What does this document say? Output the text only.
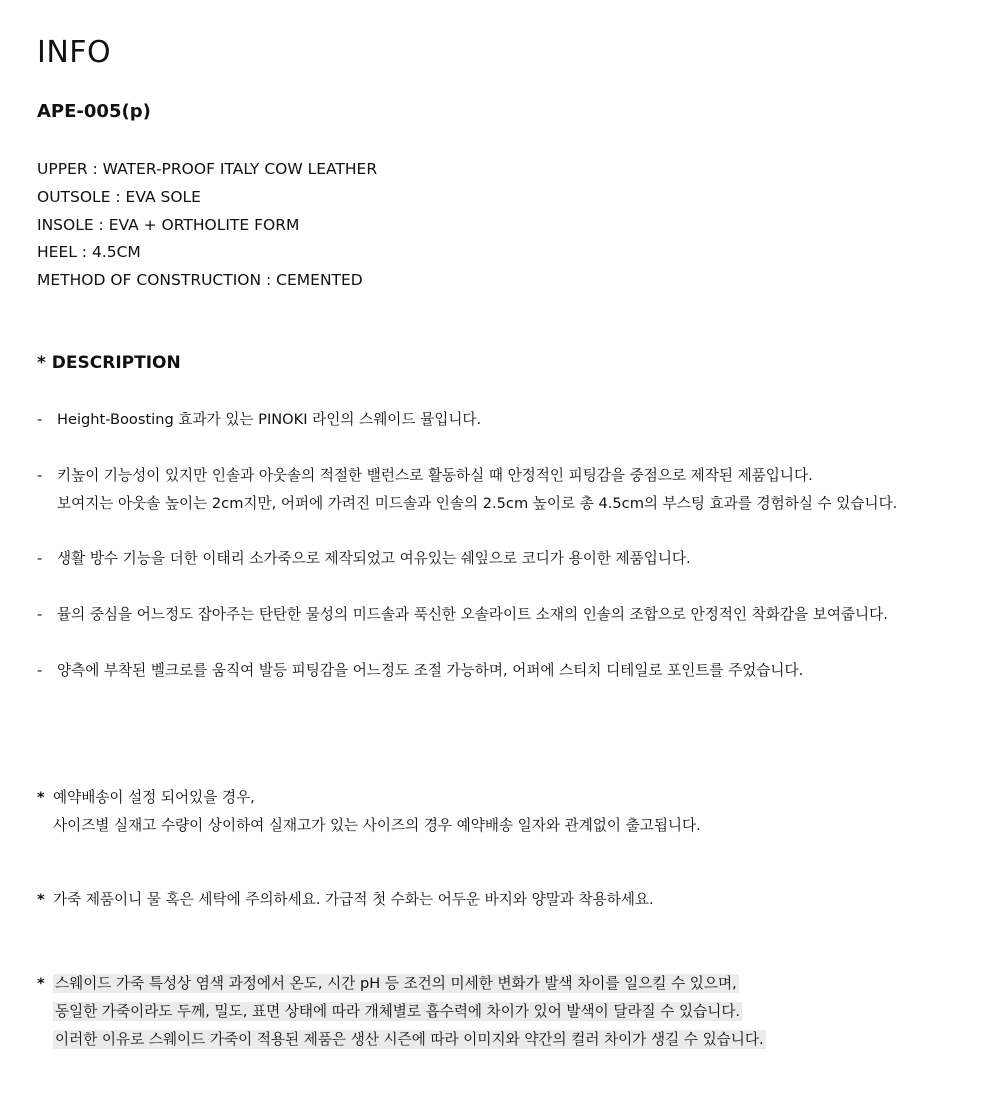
INFO
APE-005(p)
UPPER : WATER-PROOF ITALY COW LEATHER
OUTSOLE : EVA SOLE
INSOLE : EVA + ORTHOLITE FORM
HEEL : 4.5CM
METHOD OF CONSTRUCTION : CEMENTED
* DESCRIPTION
- Height-Boosting 효과가 있는 PINOKI 라인의 스웨이드 뮬입니다.
- 키높이 기능성이 있지만 인솔과 아웃솔의 적절한 밸런스로 활동하실 때 안정적인 피팅감을 중점으로 제작된 제품입니다.
보여지는 아웃솔 높이는 2cm지만, 어퍼에 가려진 미드솔과 인솔의 2.5cm 높이로 총 4.5cm의 부스팅 효과를 경험하실 수 있습니다.
- 생활 방수 기능을 더한 이태리 소가죽으로 제작되었고 여유있는 쉐잎으로 코디가 용이한 제품입니다.
- 뮬의 중심을 어느정도 잡아주는 탄탄한 물성의 미드솔과 푹신한 오솔라이트 소재의 인솔의 조합으로 안정적인 착화감을 보여줍니다.
- 양측에 부착된 벨크로를 움직여 발등 피팅감을 어느정도 조절 가능하며, 어퍼에 스티치 디테일로 포인트를 주었습니다.
* 예약배송이 설정 되어있을 경우,
사이즈별 실재고 수량이 상이하여 실재고가 있는 사이즈의 경우 예약배송 일자와 관계없이 출고됩니다.
* 가죽 제품이니 물 혹은 세탁에 주의하세요. 가급적 첫 수화는 어두운 바지와 양말과 착용하세요.
* 스웨이드 가죽 특성상 염색 과정에서 온도, 시간 pH 등 조건의 미세한 변화가 발색 차이를 일으킬 수 있으며,
동일한 가죽이라도 두께, 밀도, 표면 상태에 따라 개체별로 흡수력에 차이가 있어 발색이 달라질 수 있습니다.
이러한 이유로 스웨이드 가죽이 적용된 제품은 생산 시즌에 따라 이미지와 약간의 컬러 차이가 생길 수 있습니다.
